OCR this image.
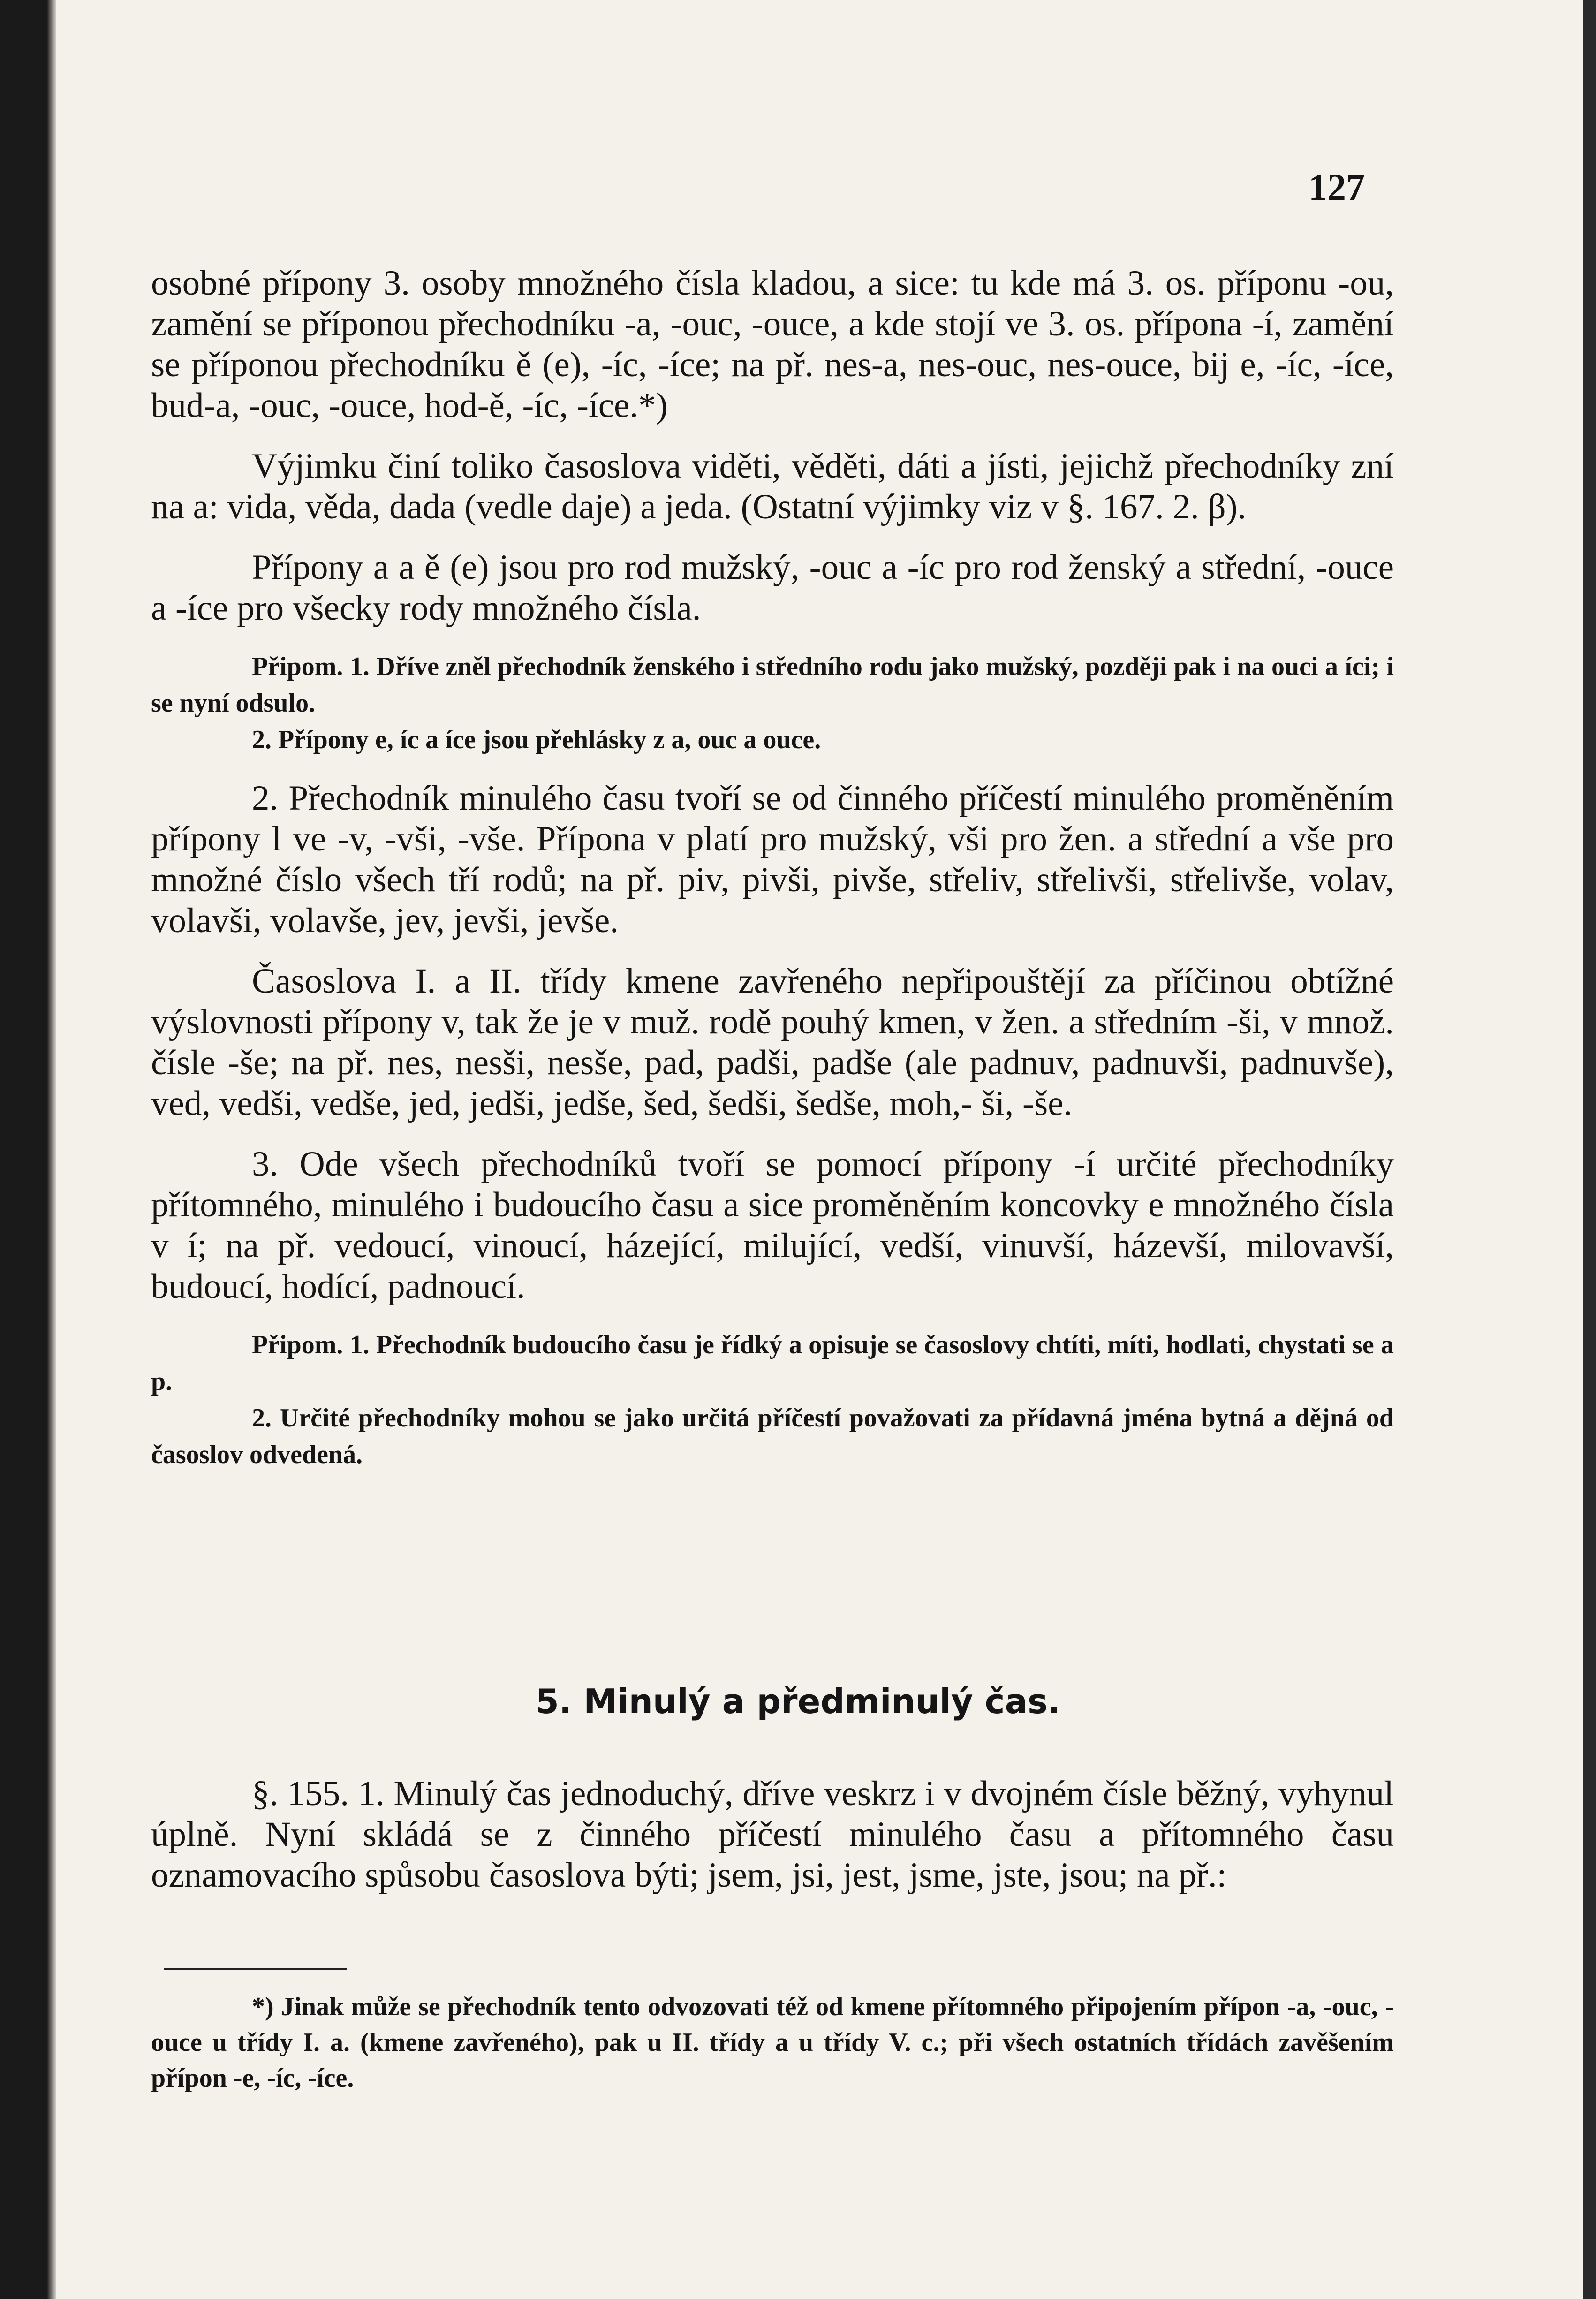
127

osobné přípony 3. osoby množného čísla kladou, a sice: tu kde má 3. os. příponu -ou, zamění se příponou přechodníku -a, -ouc, -ouce, a kde stojí ve 3. os. přípona -í, zamění se příponou přechodníku ě (e), -íc, -íce; na př. nes-a, nes-ouc, nes-ouce, bij e, -íc, -íce, bud-a, -ouc, -ouce, hod-ě, -íc, -íce.*)

Výjimku činí toliko časoslova viděti, věděti, dáti a jísti, jejichž přechodníky zní na a: vida, věda, dada (vedle daje) a jeda. (Ostatní výjimky viz v §. 167. 2. β).

Přípony a a ě (e) jsou pro rod mužský, -ouc a -íc pro rod ženský a střední, -ouce a -íce pro všecky rody množného čísla.

Připom. 1. Dříve zněl přechodník ženského i středního rodu jako mužský, později pak i na ouci a íci; i se nyní odsulo.

2. Přípony e, íc a íce jsou přehlásky z a, ouc a ouce.

2. Přechodník minulého času tvoří se od činného příčestí minulého proměněním přípony l ve -v, -vši, -vše. Přípona v platí pro mužský, vši pro žen. a střední a vše pro množné číslo všech tří rodů; na př. piv, pivši, pivše, střeliv, střelivši, střelivše, volav, volavši, volavše, jev, jevši, jevše.

Časoslova I. a II. třídy kmene zavřeného nepřipouštějí za příčinou obtížné výslovnosti přípony v, tak že je v muž. rodě pouhý kmen, v žen. a středním -ši, v množ. čísle -še; na př. nes, nesši, nesše, pad, padši, padše (ale padnuv, padnuvši, padnuvše), ved, vedši, vedše, jed, jedši, jedše, šed, šedši, šedše, moh,- ši, -še.

3. Ode všech přechodníků tvoří se pomocí přípony -í určité přechodníky přítomného, minulého i budoucího času a sice proměněním koncovky e množného čísla v í; na př. vedoucí, vinoucí, házející, milující, vedší, vinuvší, házevší, milovavší, budoucí, hodící, padnoucí.

Připom. 1. Přechodník budoucího času je řídký a opisuje se časoslovy chtíti, míti, hodlati, chystati se a p.

2. Určité přechodníky mohou se jako určitá příčestí považovati za přídavná jména bytná a dějná od časoslov odvedená.

5. Minulý a předminulý čas.

§. 155. 1. Minulý čas jednoduchý, dříve veskrz i v dvojném čísle běžný, vyhynul úplně. Nyní skládá se z činného příčestí minulého času a přítomného času oznamovacího spůsobu časoslova býti; jsem, jsi, jest, jsme, jste, jsou; na př.:

*) Jinak může se přechodník tento odvozovati též od kmene přítomného připojením přípon -a, -ouc, -ouce u třídy I. a. (kmene zavřeného), pak u II. třídy a u třídy V. c.; při všech ostatních třídách zavěšením přípon -e, -íc, -íce.
